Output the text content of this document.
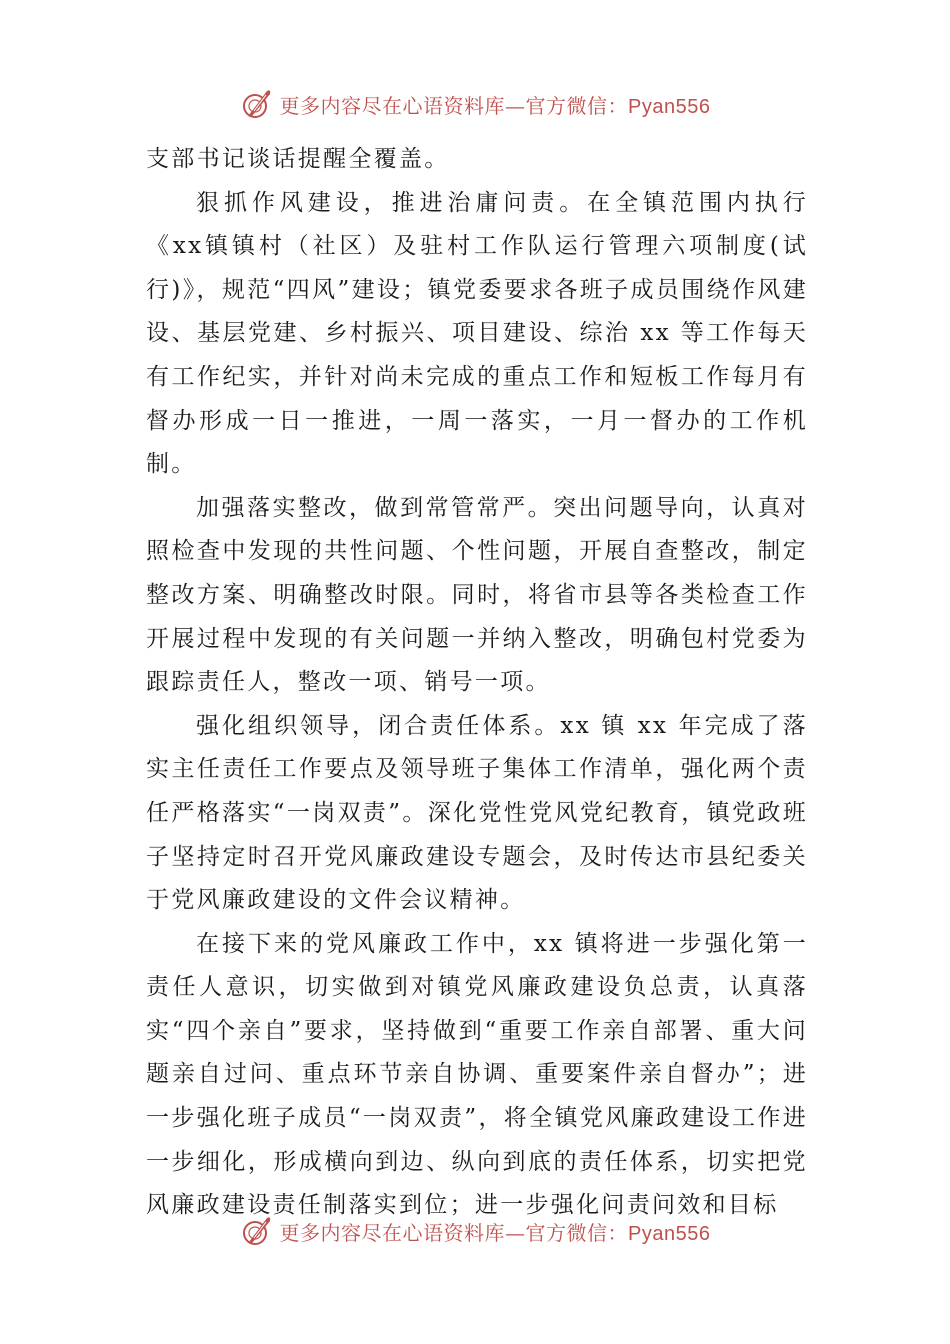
更多内容尽在心语资料库—官方微信：Pyan556

支部书记谈话提醒全覆盖。

狠抓作风建设，推进治庸问责。在全镇范围内执行《xx镇镇村（社区）及驻村工作队运行管理六项制度(试行)》，规范“四风”建设；镇党委要求各班子成员围绕作风建设、基层党建、乡村振兴、项目建设、综治 xx 等工作每天有工作纪实，并针对尚未完成的重点工作和短板工作每月有督办形成一日一推进，一周一落实，一月一督办的工作机制。

加强落实整改，做到常管常严。突出问题导向，认真对照检查中发现的共性问题、个性问题，开展自查整改，制定整改方案、明确整改时限。同时，将省市县等各类检查工作开展过程中发现的有关问题一并纳入整改，明确包村党委为跟踪责任人，整改一项、销号一项。

强化组织领导，闭合责任体系。xx 镇 xx 年完成了落实主任责任工作要点及领导班子集体工作清单，强化两个责任严格落实“一岗双责”。深化党性党风党纪教育，镇党政班子坚持定时召开党风廉政建设专题会，及时传达市县纪委关于党风廉政建设的文件会议精神。

在接下来的党风廉政工作中，xx 镇将进一步强化第一责任人意识，切实做到对镇党风廉政建设负总责，认真落实“四个亲自”要求，坚持做到“重要工作亲自部署、重大问题亲自过问、重点环节亲自协调、重要案件亲自督办”；进一步强化班子成员“一岗双责”，将全镇党风廉政建设工作进一步细化，形成横向到边、纵向到底的责任体系，切实把党风廉政建设责任制落实到位；进一步强化问责问效和目标

更多内容尽在心语资料库—官方微信：Pyan556
